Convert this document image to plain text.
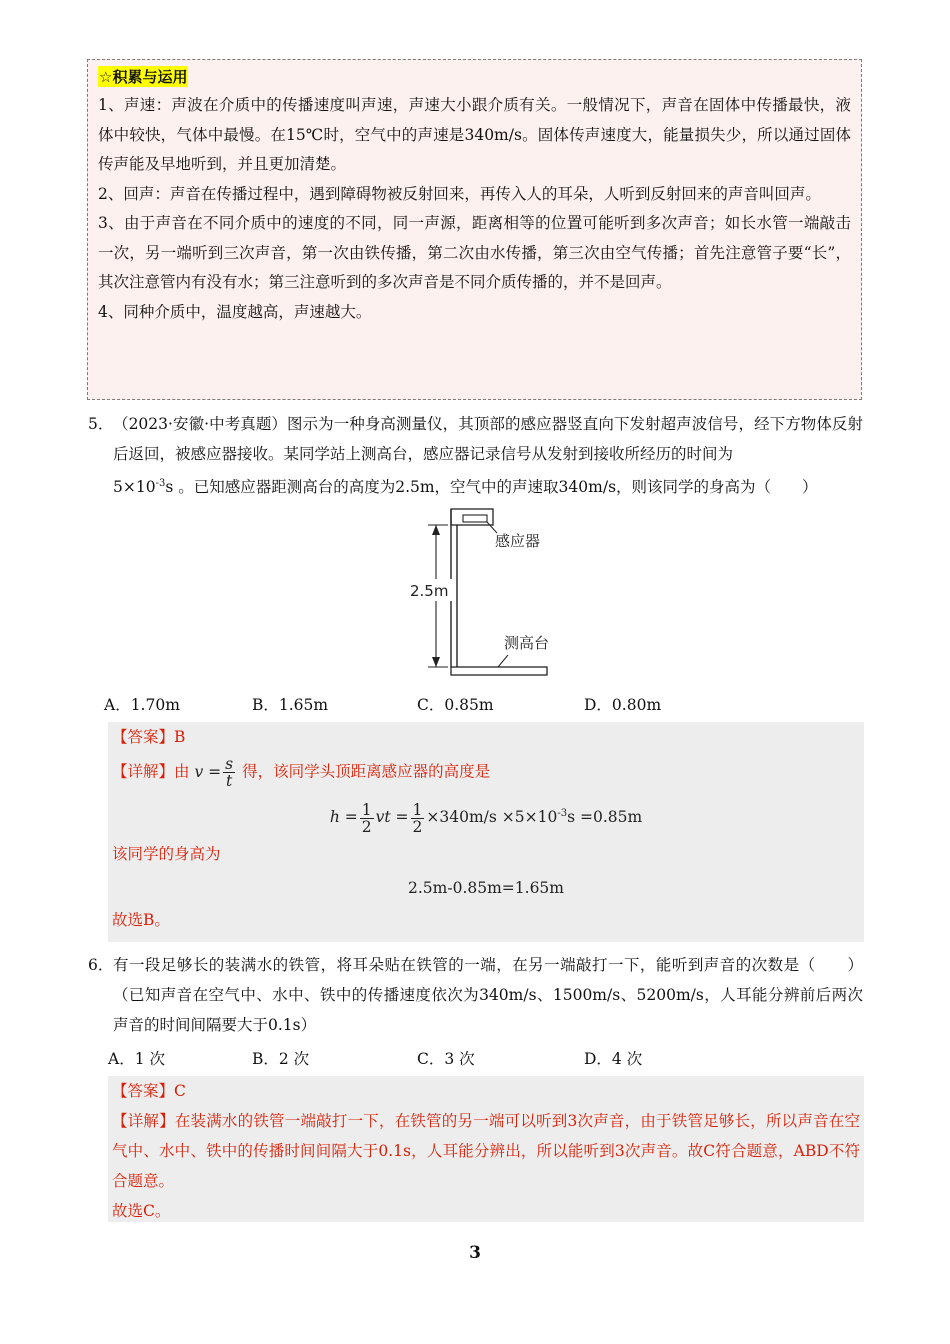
☆积累与运用

1、声速：声波在介质中的传播速度叫声速，声速大小跟介质有关。一般情况下，声音在固体中传播最快，液体中较快，气体中最慢。在15℃时，空气中的声速是340m/s。固体传声速度大，能量损失少，所以通过固体传声能及早地听到，并且更加清楚。

2、回声：声音在传播过程中，遇到障碍物被反射回来，再传入人的耳朵，人听到反射回来的声音叫回声。

3、由于声音在不同介质中的速度的不同，同一声源，距离相等的位置可能听到多次声音；如长水管一端敲击一次，另一端听到三次声音，第一次由铁传播，第二次由水传播，第三次由空气传播；首先注意管子要“长”，其次注意管内有没有水；第三注意听到的多次声音是不同介质传播的，并不是回声。

4、同种介质中，温度越高，声速越大。

5． （2023·安徽·中考真题）图示为一种身高测量仪，其顶部的感应器竖直向下发射超声波信号，经下方物体反射后返回，被感应器接收。某同学站上测高台，感应器记录信号从发射到接收所经历的时间为
$5\times 10^{-3}s$ 。已知感应器距测高台的高度为2.5m，空气中的声速取340m/s，则该同学的身高为（　　）
2.5m
感应器
测高台
A．1.70m	B．1.65m	C．0.85m	D．0.80m
【答案】B
【详解】由 $v = \frac{s}{t}$ 得，该同学头顶距离感应器的高度是
$h = \frac{1}{2}$ vt = $\frac{1}{2} \times 340m/s \times 5\times 10^{-3}s =0.85m$
该同学的身高为
2.5m-0.85m=1.65m
故选B。
6． 有一段足够长的装满水的铁管，将耳朵贴在铁管的一端，在另一端敲打一下，能听到声音的次数是（　　）（已知声音在空气中、水中、铁中的传播速度依次为340m/s、1500m/s、5200m/s，人耳能分辨前后两次声音的时间间隔要大于0.1s）
A．1 次	B．2 次	C．3 次	D．4 次
【答案】C
【详解】在装满水的铁管一端敲打一下，在铁管的另一端可以听到3次声音，由于铁管足够长，所以声音在空气中、水中、铁中的传播时间间隔大于0.1s，人耳能分辨出，所以能听到3次声音。故C符合题意，ABD不符合题意。
故选C。
3
